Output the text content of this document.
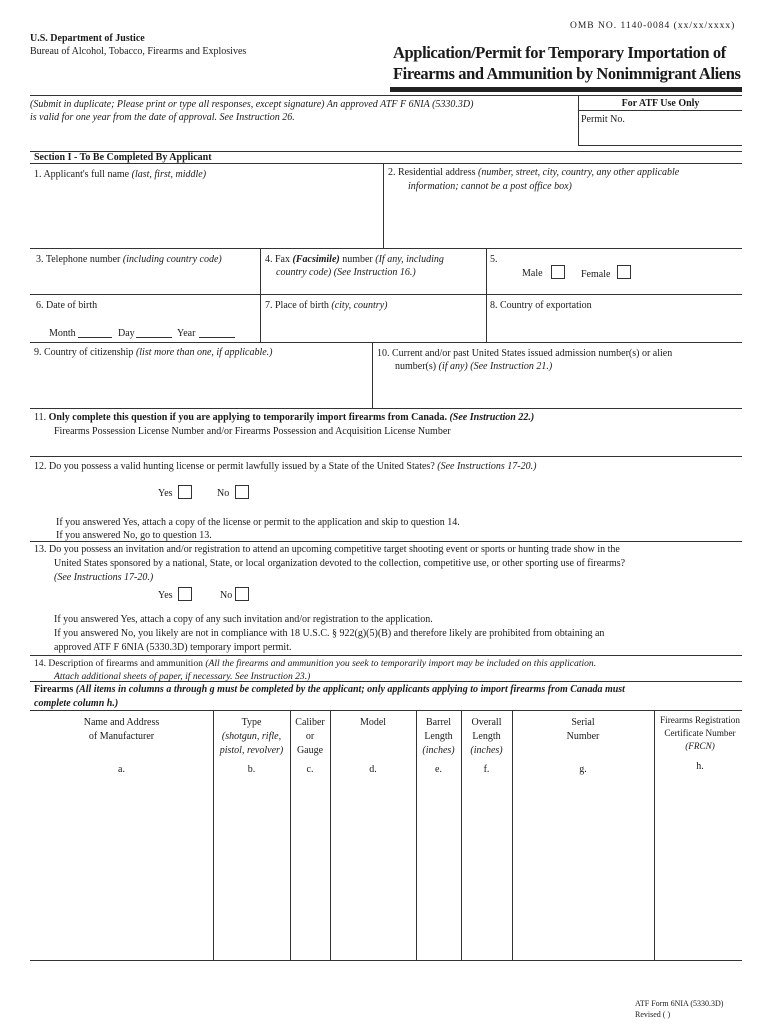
OMB NO. 1140-0084 (xx/xx/xxxx)
U.S. Department of Justice
Bureau of Alcohol, Tobacco, Firearms and Explosives	Application/Permit for Temporary Importation of
Firearms and Ammunition by Nonimmigrant Aliens
(Submit in duplicate; Please print or type all responses, except signature) An approved ATF F 6NIA (5330.3D)
is valid for one year from the date of approval. See Instruction 26.
For ATF Use Only
Permit No.
Section I - To Be Completed By Applicant
1. Applicant's full name (last, first, middle)	2. Residential address (number, street, city, country, any other applicable
information; cannot be a post office box)
3. Telephone number (including country code)	4. Fax (Facsimile) number (If any, including
country code) (See Instruction 16.)
5.
Male	Female
6. Date of birth
Month	Day	Year
7. Place of birth (city, country)	8. Country of exportation
9. Country of citizenship (list more than one, if applicable.)	10. Current and/or past United States issued admission number(s) or alien
number(s) (if any) (See Instruction 21.)
11. Only complete this question if you are applying to temporarily import firearms from Canada. (See Instruction 22.)
Firearms Possession License Number and/or Firearms Possession and Acquisition License Number
12. Do you possess a valid hunting license or permit lawfully issued by a State of the United States? (See Instructions 17-20.)
Yes	No
If you answered Yes, attach a copy of the license or permit to the application and skip to question 14.
If you answered No, go to question 13.
13. Do you possess an invitation and/or registration to attend an upcoming competitive target shooting event or sports or hunting trade show in the
United States sponsored by a national, State, or local organization devoted to the collection, competitive use, or other sporting use of firearms?
(See Instructions 17-20.)
Yes	No
If you answered Yes, attach a copy of any such invitation and/or registration to the application.
If you answered No, you likely are not in compliance with 18 U.S.C. § 922(g)(5)(B) and therefore likely are prohibited from obtaining an
approved ATF F 6NIA (5330.3D) temporary import permit.
14. Description of firearms and ammunition (All the firearms and ammunition you seek to temporarily import may be included on this application.
Attach additional sheets of paper, if necessary. See Instruction 23.)
Firearms (All items in columns a through g must be completed by the applicant; only applicants applying to import firearms from Canada must
complete column h.)
Name and Address
of Manufacturer
a.
Type
(shotgun, rifle,
pistol, revolver)
b.
Caliber
or
Gauge
c.
Model
d.
Barrel
Length
(inches)
e.
Overall
Length
(inches)
f.
Serial
Number
g.
Firearms Registration
Certificate Number
(FRCN)
h.
ATF Form 6NIA (5330.3D)
Revised ( )
